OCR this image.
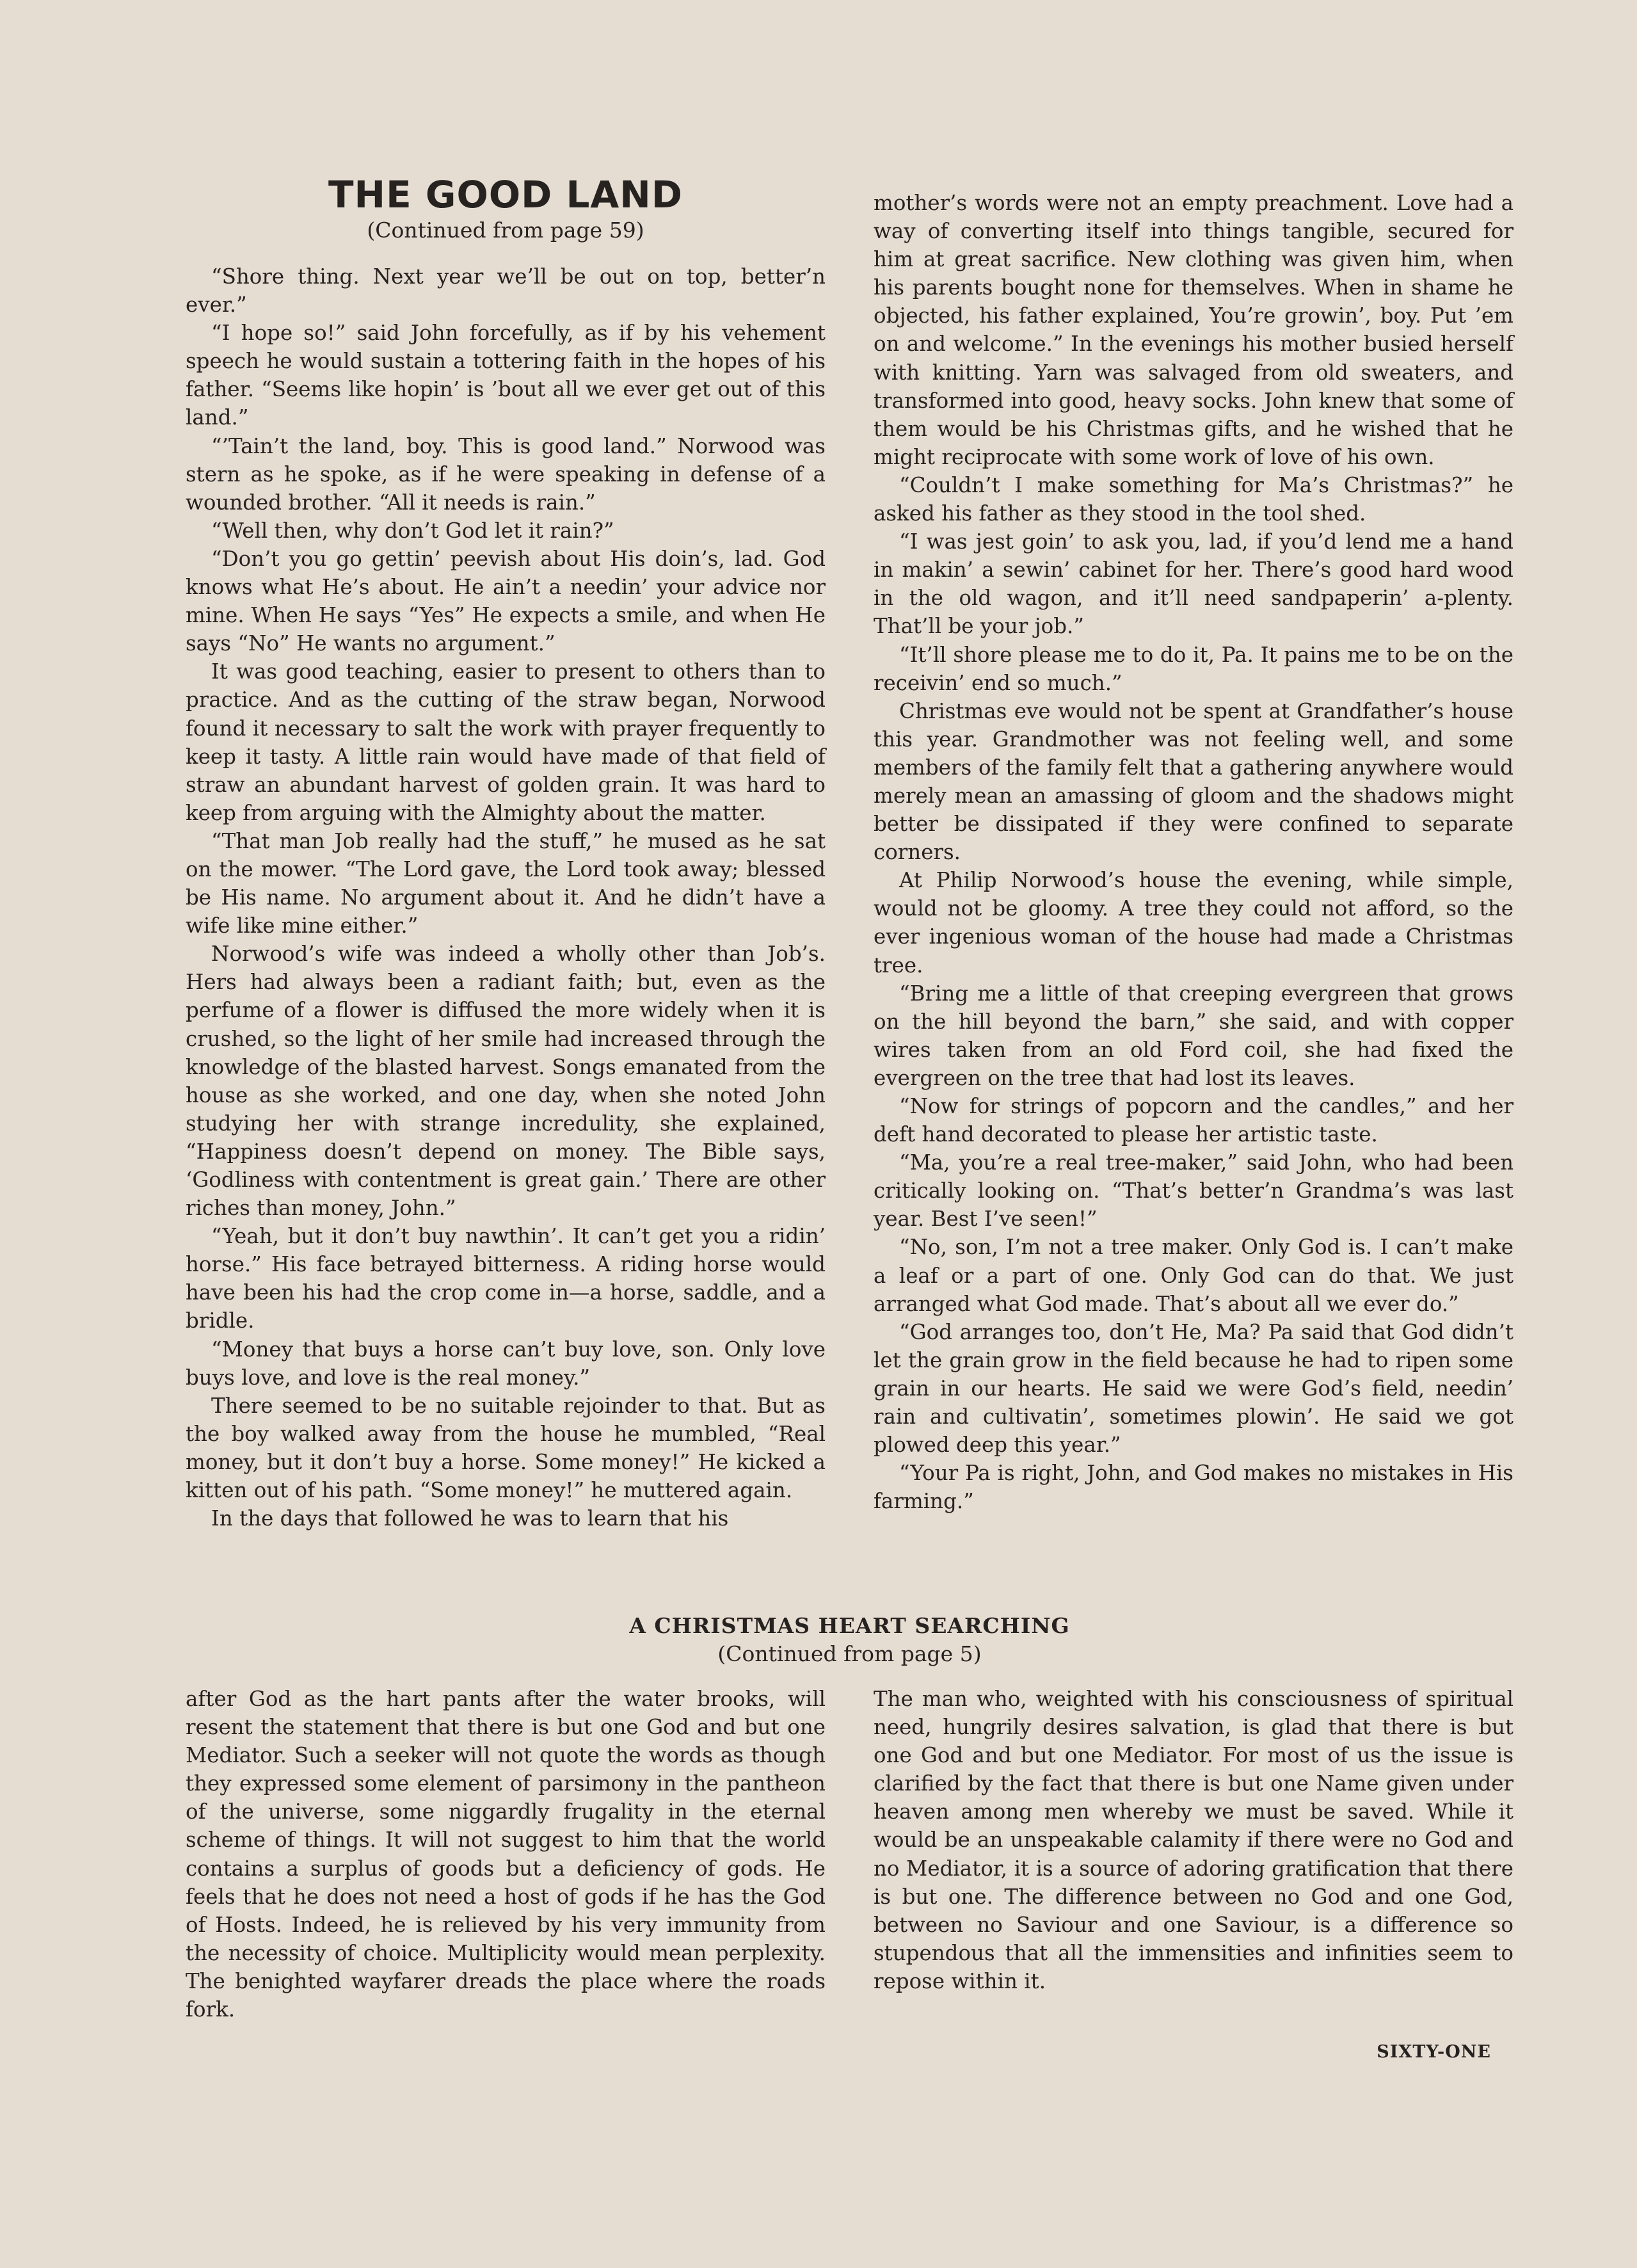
THE GOOD LAND
(Continued from page 59)

“Shore thing. Next year we’ll be out on top, better’n ever.”

“I hope so!” said John forcefully, as if by his vehement speech he would sustain a tottering faith in the hopes of his father. “Seems like hopin’ is ’bout all we ever get out of this land.”

“’Tain’t the land, boy. This is good land.” Norwood was stern as he spoke, as if he were speaking in defense of a wounded brother. “All it needs is rain.”

“Well then, why don’t God let it rain?”

“Don’t you go gettin’ peevish about His doin’s, lad. God knows what He’s about. He ain’t a needin’ your advice nor mine. When He says “Yes” He expects a smile, and when He says “No” He wants no argument.”

It was good teaching, easier to present to others than to practice. And as the cutting of the straw began, Norwood found it necessary to salt the work with prayer frequently to keep it tasty. A little rain would have made of that field of straw an abundant harvest of golden grain. It was hard to keep from arguing with the Almighty about the matter.

“That man Job really had the stuff,” he mused as he sat on the mower. “The Lord gave, the Lord took away; blessed be His name. No argument about it. And he didn’t have a wife like mine either.”

Norwood’s wife was indeed a wholly other than Job’s. Hers had always been a radiant faith; but, even as the perfume of a flower is diffused the more widely when it is crushed, so the light of her smile had increased through the knowledge of the blasted harvest. Songs emanated from the house as she worked, and one day, when she noted John studying her with strange incredulity, she explained, “Happiness doesn’t depend on money. The Bible says, ‘Godliness with contentment is great gain.’ There are other riches than money, John.”

“Yeah, but it don’t buy nawthin’. It can’t get you a ridin’ horse.” His face betrayed bitterness. A riding horse would have been his had the crop come in—a horse, saddle, and a bridle.

“Money that buys a horse can’t buy love, son. Only love buys love, and love is the real money.”

There seemed to be no suitable rejoinder to that. But as the boy walked away from the house he mumbled, “Real money, but it don’t buy a horse. Some money!” He kicked a kitten out of his path. “Some money!” he muttered again.

In the days that followed he was to learn that his

mother’s words were not an empty preachment. Love had a way of converting itself into things tangible, secured for him at great sacrifice. New clothing was given him, when his parents bought none for themselves. When in shame he objected, his father explained, You’re growin’, boy. Put ’em on and welcome.” In the evenings his mother busied herself with knitting. Yarn was salvaged from old sweaters, and transformed into good, heavy socks. John knew that some of them would be his Christmas gifts, and he wished that he might reciprocate with some work of love of his own.

“Couldn’t I make something for Ma’s Christmas?” he asked his father as they stood in the tool shed.

“I was jest goin’ to ask you, lad, if you’d lend me a hand in makin’ a sewin’ cabinet for her. There’s good hard wood in the old wagon, and it’ll need sandpaperin’ a-plenty. That’ll be your job.”

“It’ll shore please me to do it, Pa. It pains me to be on the receivin’ end so much.”

Christmas eve would not be spent at Grandfather’s house this year. Grandmother was not feeling well, and some members of the family felt that a gathering anywhere would merely mean an amassing of gloom and the shadows might better be dissipated if they were confined to separate corners.

At Philip Norwood’s house the evening, while simple, would not be gloomy. A tree they could not afford, so the ever ingenious woman of the house had made a Christmas tree.

“Bring me a little of that creeping evergreen that grows on the hill beyond the barn,” she said, and with copper wires taken from an old Ford coil, she had fixed the evergreen on the tree that had lost its leaves.

“Now for strings of popcorn and the candles,” and her deft hand decorated to please her artistic taste.

“Ma, you’re a real tree-maker,” said John, who had been critically looking on. “That’s better’n Grandma’s was last year. Best I’ve seen!”

“No, son, I’m not a tree maker. Only God is. I can’t make a leaf or a part of one. Only God can do that. We just arranged what God made. That’s about all we ever do.”

“God arranges too, don’t He, Ma? Pa said that God didn’t let the grain grow in the field because he had to ripen some grain in our hearts. He said we were God’s field, needin’ rain and cultivatin’, sometimes plowin’. He said we got plowed deep this year.”

“Your Pa is right, John, and God makes no mistakes in His farming.”

A CHRISTMAS HEART SEARCHING
(Continued from page 5)

after God as the hart pants after the water brooks, will resent the statement that there is but one God and but one Mediator. Such a seeker will not quote the words as though they expressed some element of parsimony in the pantheon of the universe, some niggardly frugality in the eternal scheme of things. It will not suggest to him that the world contains a surplus of goods but a deficiency of gods. He feels that he does not need a host of gods if he has the God of Hosts. Indeed, he is relieved by his very immunity from the necessity of choice. Multiplicity would mean perplexity. The benighted wayfarer dreads the place where the roads fork.

The man who, weighted with his consciousness of spiritual need, hungrily desires salvation, is glad that there is but one God and but one Mediator. For most of us the issue is clarified by the fact that there is but one Name given under heaven among men whereby we must be saved. While it would be an unspeakable calamity if there were no God and no Mediator, it is a source of adoring gratification that there is but one. The difference between no God and one God, between no Saviour and one Saviour, is a difference so stupendous that all the immensities and infinities seem to repose within it.

SIXTY-ONE
